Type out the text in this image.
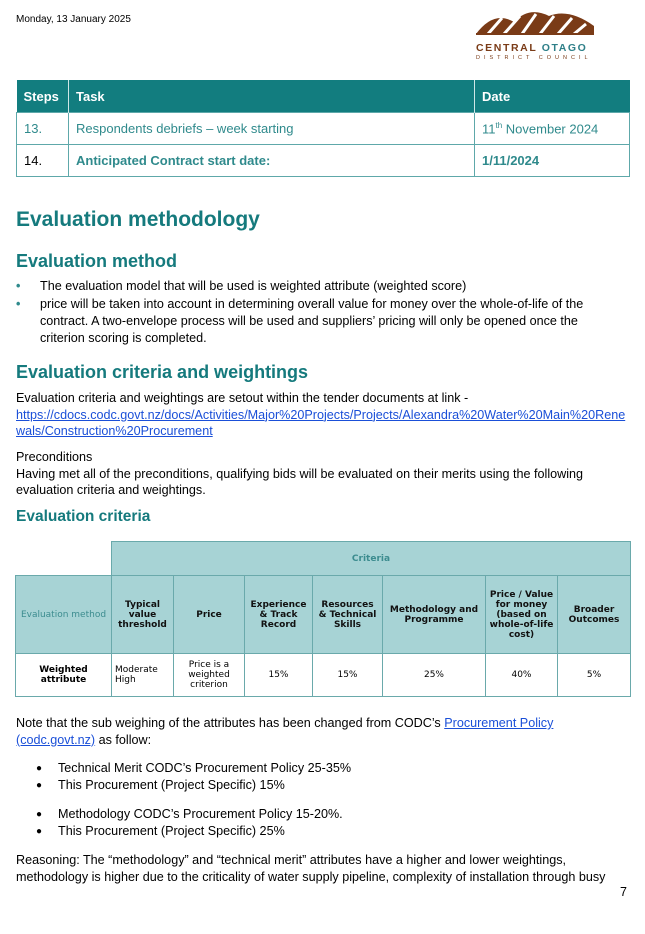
Monday, 13 January 2025
CENTRAL OTAGO
DISTRICT COUNCIL
Steps	Task	Date
13.	Respondents debriefs – week starting	11th November 2024
14.	Anticipated Contract start date:	1/11/2024
Evaluation methodology
Evaluation method
• The evaluation model that will be used is weighted attribute (weighted score)
• price will be taken into account in determining overall value for money over the whole-of-life of the contract. A two-envelope process will be used and suppliers’ pricing will only be opened once the criterion scoring is completed.
Evaluation criteria and weightings
Evaluation criteria and weightings are setout within the tender documents at link -
https://cdocs.codc.govt.nz/docs/Activities/Major%20Projects/Projects/Alexandra%20Water%20Main%20Renewals/Construction%20Procurement
Preconditions
Having met all of the preconditions, qualifying bids will be evaluated on their merits using the following evaluation criteria and weightings.
Evaluation criteria
	Criteria						
Evaluation method	Typical value threshold	Price	Experience & Track Record	Resources & Technical Skills	Methodology and Programme	Price / Value for money (based on whole-of-life cost)	Broader Outcomes
Weighted attribute	Moderate High	Price is a weighted criterion	15%	15%	25%	40%	5%
Note that the sub weighing of the attributes has been changed from CODC’s Procurement Policy (codc.govt.nz) as follow:
● Technical Merit CODC’s Procurement Policy 25-35%
● This Procurement (Project Specific) 15%
● Methodology CODC’s Procurement Policy 15-20%.
● This Procurement (Project Specific) 25%
Reasoning: The “methodology” and “technical merit” attributes have a higher and lower weightings, methodology is higher due to the criticality of water supply pipeline, complexity of installation through busy
7
